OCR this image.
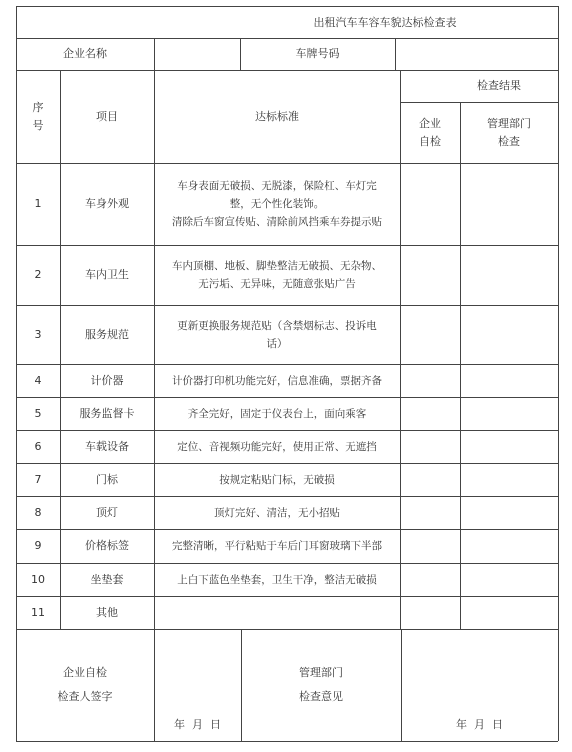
出租汽车车容车貌达标检查表
企业名称	车牌号码
序
号
项目	达标标准
检查结果
企业
自检
管理部门
检查
1	车身外观
车身表面无破损、无脱漆，保险杠、车灯完
整，无个性化装饰。
清除后车窗宣传贴、清除前风挡乘车券提示贴
2	车内卫生
车内顶棚、地板、脚垫整洁无破损、无杂物、
无污垢、无异味，无随意张贴广告
3	服务规范
更新更换服务规范贴（含禁烟标志、投诉电
话）
4	计价器	计价器打印机功能完好，信息准确，票据齐备
5	服务监督卡	齐全完好，固定于仪表台上，面向乘客
6	车载设备	定位、音视频功能完好，使用正常、无遮挡
7	门标	按规定粘贴门标，无破损
8	顶灯	顶灯完好、清洁，无小招贴
9	价格标签	完整清晰，平行粘贴于车后门耳窗玻璃下半部
10	坐垫套	上白下蓝色坐垫套，卫生干净，整洁无破损
11	其他
企业自检
检查人签字
年  月  日
管理部门
检查意见
年  月  日
